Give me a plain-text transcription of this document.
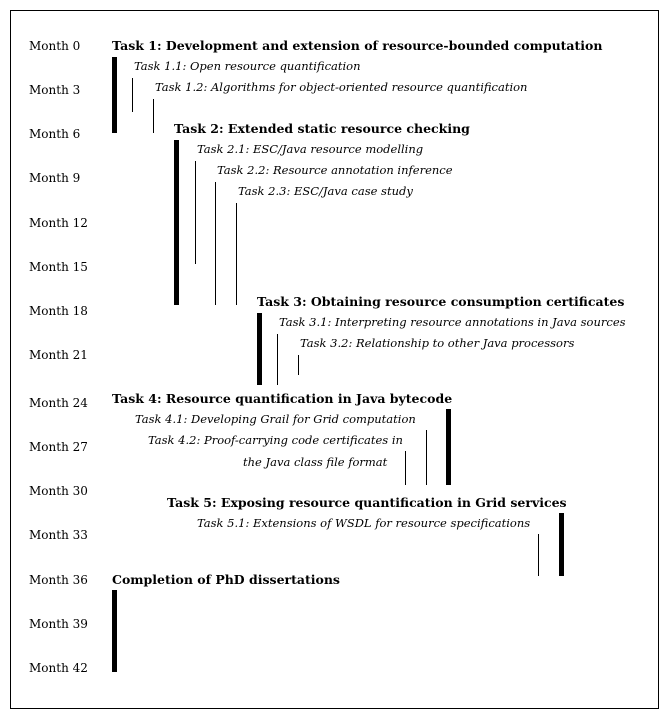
Month 0
Month 3
Month 6
Month 9
Month 12
Month 15
Month 18
Month 21
Month 24
Month 27
Month 30
Month 33
Month 36
Month 39
Month 42
Task 1: Development and extension of resource-bounded computation
Task 1.1: Open resource quantification
Task 1.2: Algorithms for object-oriented resource quantification
Task 2: Extended static resource checking
Task 2.1: ESC/Java resource modelling
Task 2.2: Resource annotation inference
Task 2.3: ESC/Java case study
Task 3: Obtaining resource consumption certificates
Task 3.1: Interpreting resource annotations in Java sources
Task 3.2: Relationship to other Java processors
Task 4: Resource quantification in Java bytecode
Task 4.1: Developing Grail for Grid computation
Task 4.2: Proof-carrying code certificates in
the Java class file format
Task 5: Exposing resource quantification in Grid services
Task 5.1: Extensions of WSDL for resource specifications
Completion of PhD dissertations
